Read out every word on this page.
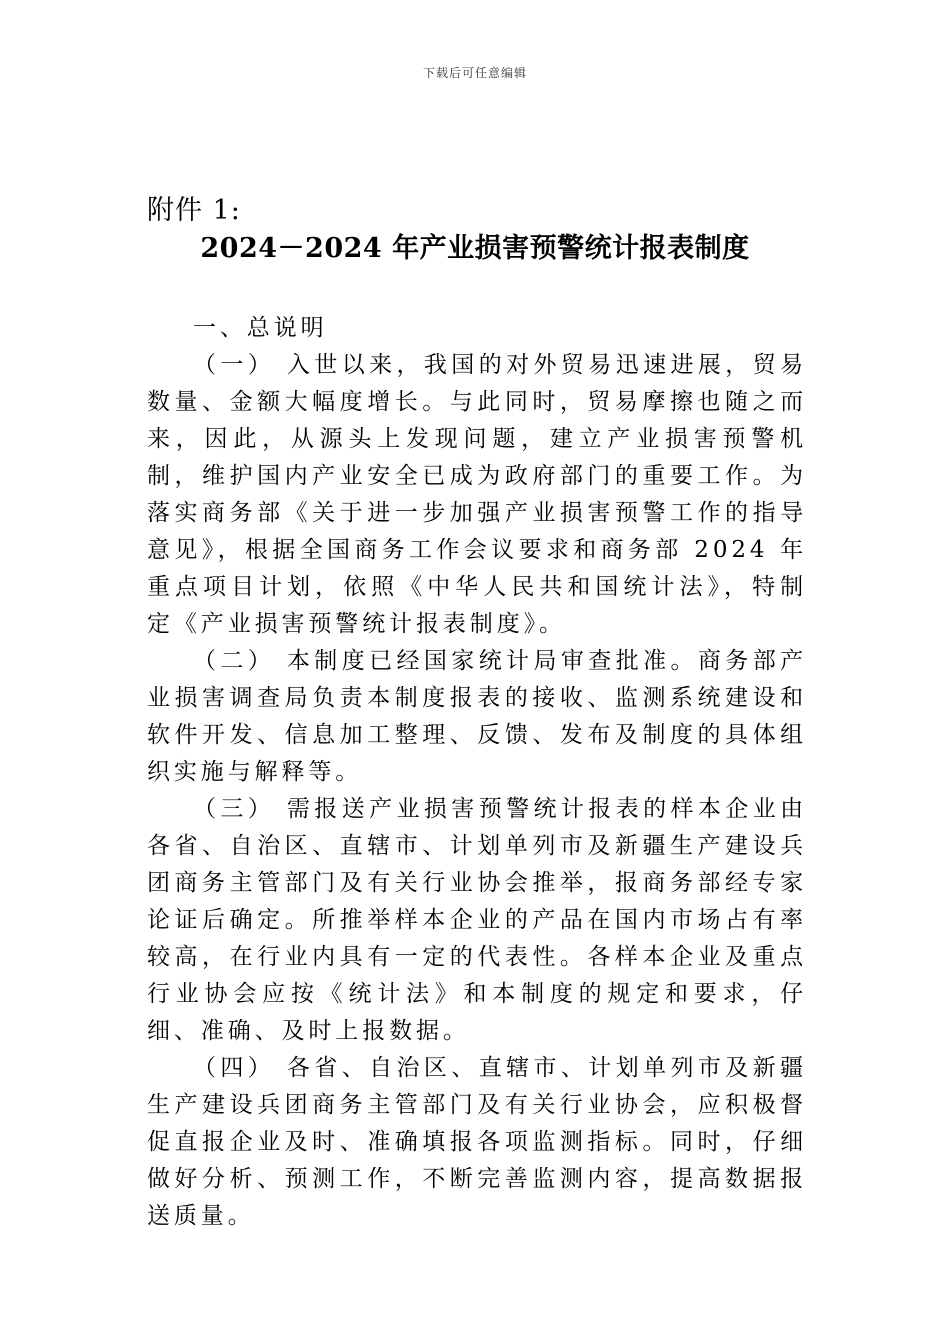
下载后可任意编辑
附件 1:
2024－2024 年产业损害预警统计报表制度

一、总说明

（一） 入世以来，我国的对外贸易迅速进展，贸易数量、金额大幅度增长。与此同时，贸易摩擦也随之而来，因此，从源头上发现问题，建立产业损害预警机制，维护国内产业安全已成为政府部门的重要工作。为落实商务部《关于进一步加强产业损害预警工作的指导意见》，根据全国商务工作会议要求和商务部 2024 年重点项目计划，依照《中华人民共和国统计法》，特制定《产业损害预警统计报表制度》。

（二） 本制度已经国家统计局审查批准。商务部产业损害调查局负责本制度报表的接收、监测系统建设和软件开发、信息加工整理、反馈、发布及制度的具体组织实施与解释等。

（三） 需报送产业损害预警统计报表的样本企业由各省、自治区、直辖市、计划单列市及新疆生产建设兵团商务主管部门及有关行业协会推举，报商务部经专家论证后确定。所推举样本企业的产品在国内市场占有率较高，在行业内具有一定的代表性。各样本企业及重点行业协会应按《统计法》和本制度的规定和要求，仔细、准确、及时上报数据。

（四） 各省、自治区、直辖市、计划单列市及新疆生产建设兵团商务主管部门及有关行业协会，应积极督促直报企业及时、准确填报各项监测指标。同时，仔细做好分析、预测工作，不断完善监测内容，提高数据报送质量。
